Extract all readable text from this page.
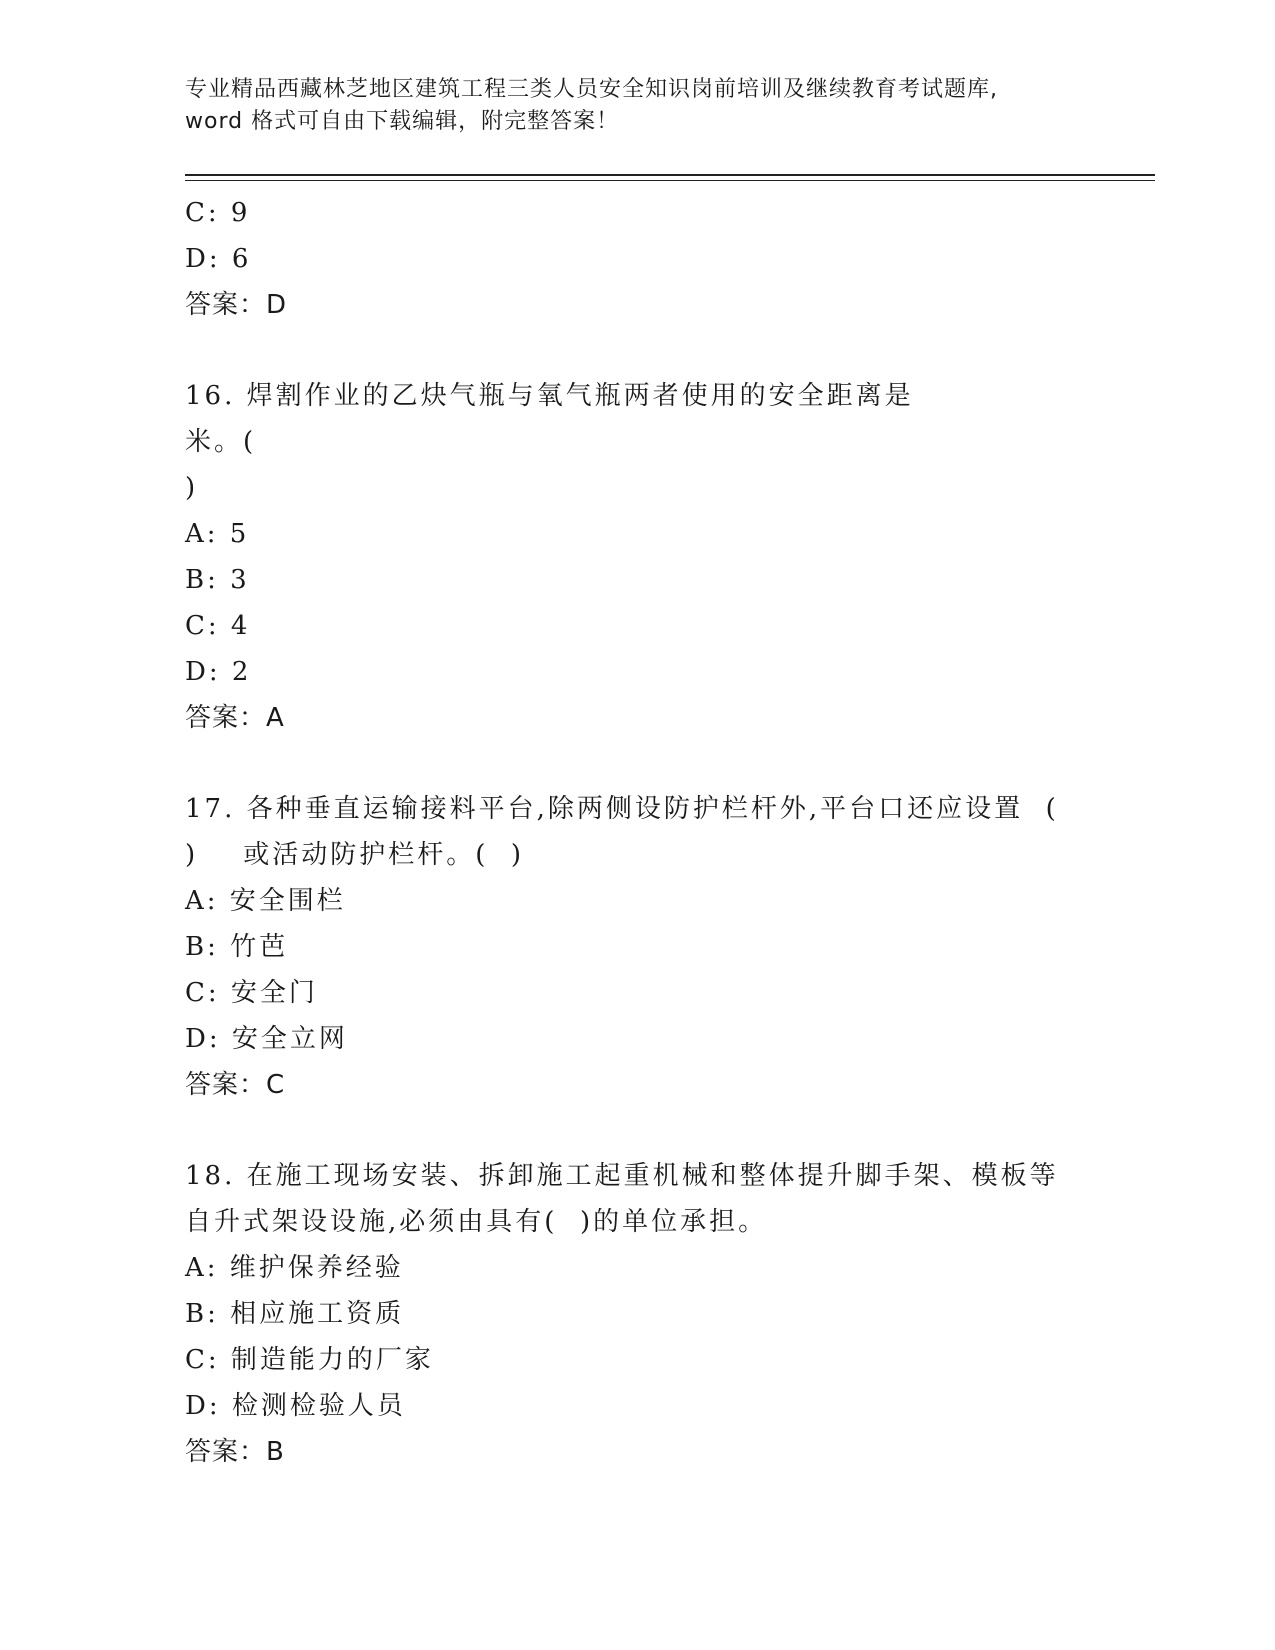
专业精品西藏林芝地区建筑工程三类人员安全知识岗前培训及继续教育考试题库,
word 格式可自由下载编辑，附完整答案！
C: 9
D: 6
答案：D
16. 焊割作业的乙炔气瓶与氧气瓶两者使用的安全距离是         米。(
)
A: 5
B: 3
C: 4
D: 2
答案：A
17. 各种垂直运输接料平台,除两侧设防护栏杆外,平台口还应设置  (
)    或活动防护栏杆。(  )
A: 安全围栏
B: 竹芭
C: 安全门
D: 安全立网
答案：C
18. 在施工现场安装、拆卸施工起重机械和整体提升脚手架、模板等
自升式架设设施,必须由具有(  )的单位承担。
A: 维护保养经验
B: 相应施工资质
C: 制造能力的厂家
D: 检测检验人员
答案：B
